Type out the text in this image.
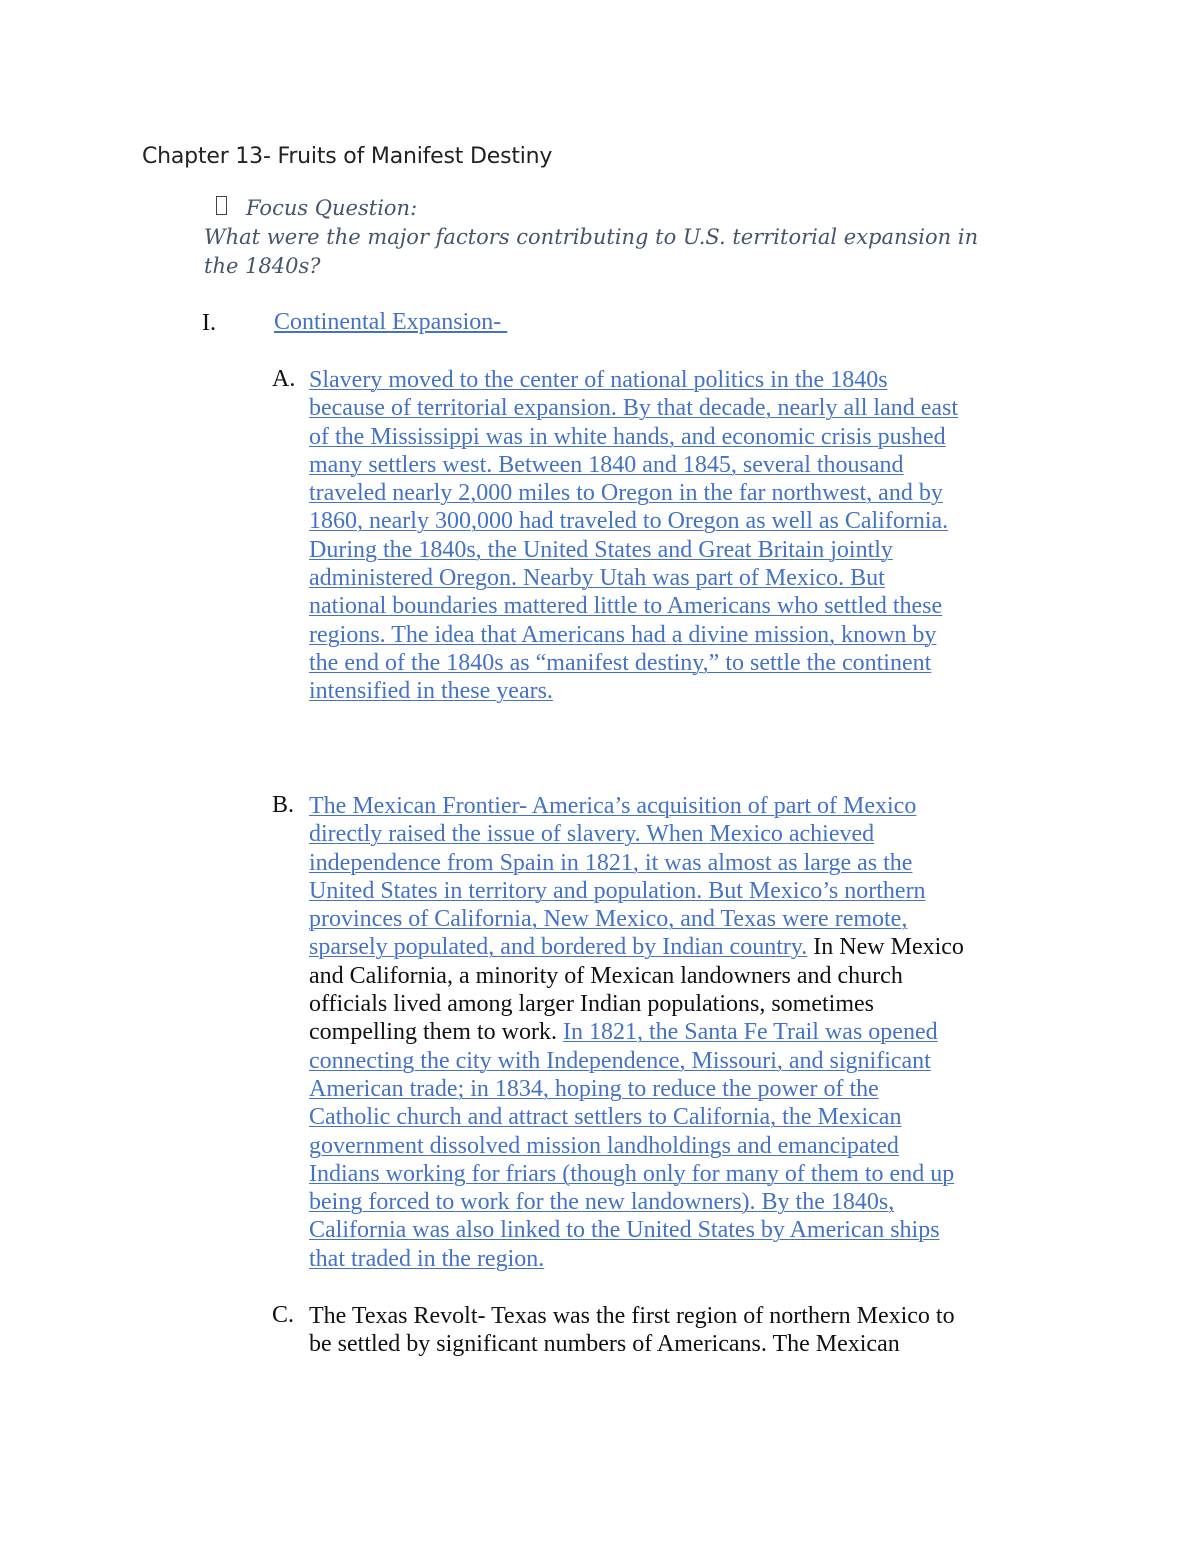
Chapter 13- Fruits of Manifest Destiny
Focus Question:
What were the major factors contributing to U.S. territorial expansion in
the 1840s?
I. Continental Expansion-
A. Slavery moved to the center of national politics in the 1840s
because of territorial expansion. By that decade, nearly all land east
of the Mississippi was in white hands, and economic crisis pushed
many settlers west. Between 1840 and 1845, several thousand
traveled nearly 2,000 miles to Oregon in the far northwest, and by
1860, nearly 300,000 had traveled to Oregon as well as California.
During the 1840s, the United States and Great Britain jointly
administered Oregon. Nearby Utah was part of Mexico. But
national boundaries mattered little to Americans who settled these
regions. The idea that Americans had a divine mission, known by
the end of the 1840s as “manifest destiny,” to settle the continent
intensified in these years.
B. The Mexican Frontier- America’s acquisition of part of Mexico
directly raised the issue of slavery. When Mexico achieved
independence from Spain in 1821, it was almost as large as the
United States in territory and population. But Mexico’s northern
provinces of California, New Mexico, and Texas were remote,
sparsely populated, and bordered by Indian country. In New Mexico
and California, a minority of Mexican landowners and church
officials lived among larger Indian populations, sometimes
compelling them to work. In 1821, the Santa Fe Trail was opened
connecting the city with Independence, Missouri, and significant
American trade; in 1834, hoping to reduce the power of the
Catholic church and attract settlers to California, the Mexican
government dissolved mission landholdings and emancipated
Indians working for friars (though only for many of them to end up
being forced to work for the new landowners). By the 1840s,
California was also linked to the United States by American ships
that traded in the region.
C. The Texas Revolt- Texas was the first region of northern Mexico to
be settled by significant numbers of Americans. The Mexican
